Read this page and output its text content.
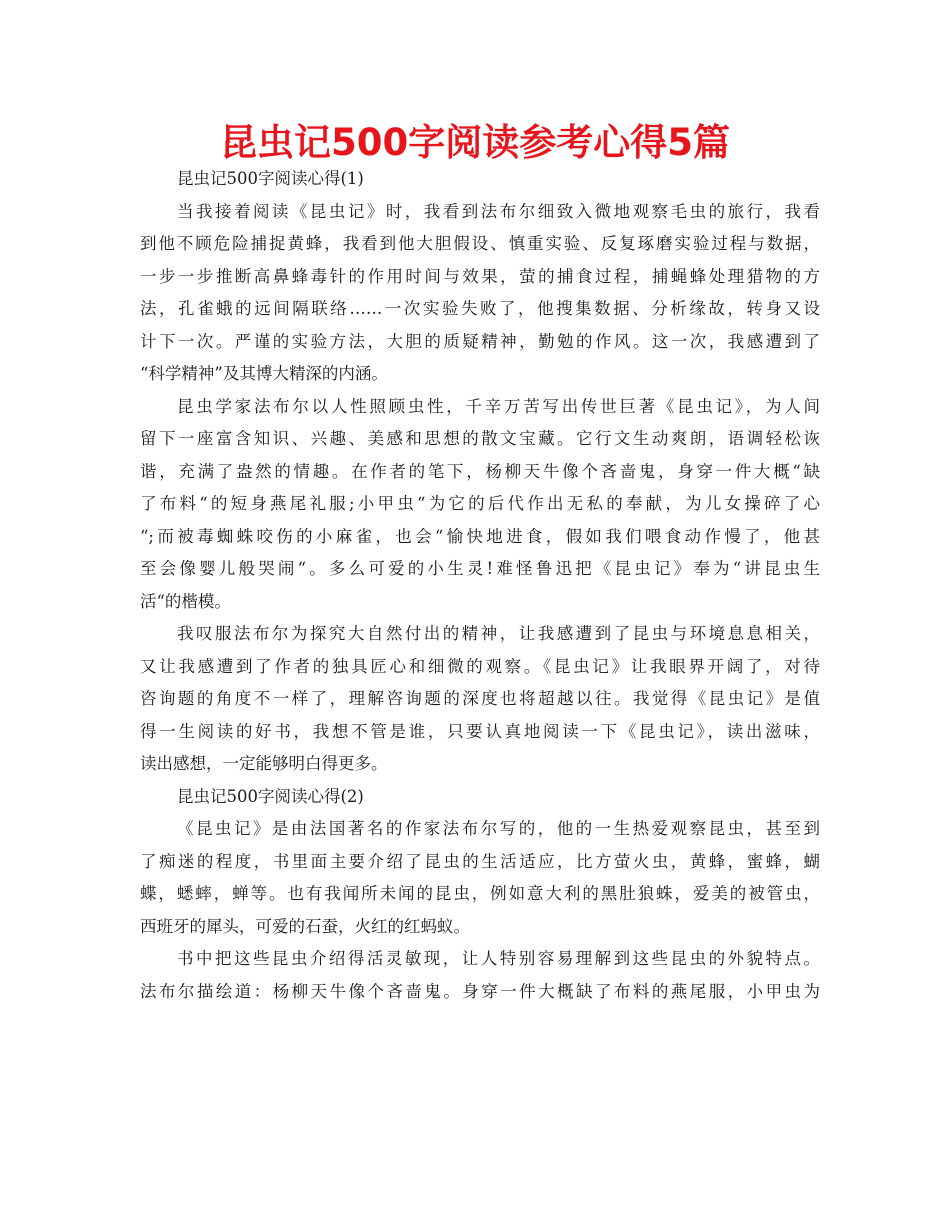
昆虫记500字阅读参考心得5篇
昆虫记500字阅读心得(1)
当我接着阅读《昆虫记》时，我看到法布尔细致入微地观察毛虫的旅行，我看
到他不顾危险捕捉黄蜂，我看到他大胆假设、慎重实验、反复琢磨实验过程与数据，
一步一步推断高鼻蜂毒针的作用时间与效果，萤的捕食过程，捕蝇蜂处理猎物的方
法，孔雀蛾的远间隔联络……一次实验失败了，他搜集数据、分析缘故，转身又设
计下一次。严谨的实验方法，大胆的质疑精神，勤勉的作风。这一次，我感遭到了
“科学精神”及其博大精深的内涵。
昆虫学家法布尔以人性照顾虫性，千辛万苦写出传世巨著《昆虫记》，为人间
留下一座富含知识、兴趣、美感和思想的散文宝藏。它行文生动爽朗，语调轻松诙
谐，充满了盎然的情趣。在作者的笔下，杨柳天牛像个吝啬鬼，身穿一件大概“缺
了布料“的短身燕尾礼服;小甲虫“为它的后代作出无私的奉献，为儿女操碎了心
“;而被毒蜘蛛咬伤的小麻雀，也会“愉快地进食，假如我们喂食动作慢了，他甚
至会像婴儿般哭闹“。多么可爱的小生灵!难怪鲁迅把《昆虫记》奉为“讲昆虫生
活“的楷模。
我叹服法布尔为探究大自然付出的精神，让我感遭到了昆虫与环境息息相关，
又让我感遭到了作者的独具匠心和细微的观察。《昆虫记》让我眼界开阔了，对待
咨询题的角度不一样了，理解咨询题的深度也将超越以往。我觉得《昆虫记》是值
得一生阅读的好书，我想不管是谁，只要认真地阅读一下《昆虫记》，读出滋味，
读出感想，一定能够明白得更多。
昆虫记500字阅读心得(2)
《昆虫记》是由法国著名的作家法布尔写的，他的一生热爱观察昆虫，甚至到
了痴迷的程度，书里面主要介绍了昆虫的生活适应，比方萤火虫，黄蜂，蜜蜂，蝴
蝶，蟋蟀，蝉等。也有我闻所未闻的昆虫，例如意大利的黑肚狼蛛，爱美的被管虫，
西班牙的犀头，可爱的石蚕，火红的红蚂蚁。
书中把这些昆虫介绍得活灵敏现，让人特别容易理解到这些昆虫的外貌特点。
法布尔描绘道：杨柳天牛像个吝啬鬼。身穿一件大概缺了布料的燕尾服，小甲虫为
